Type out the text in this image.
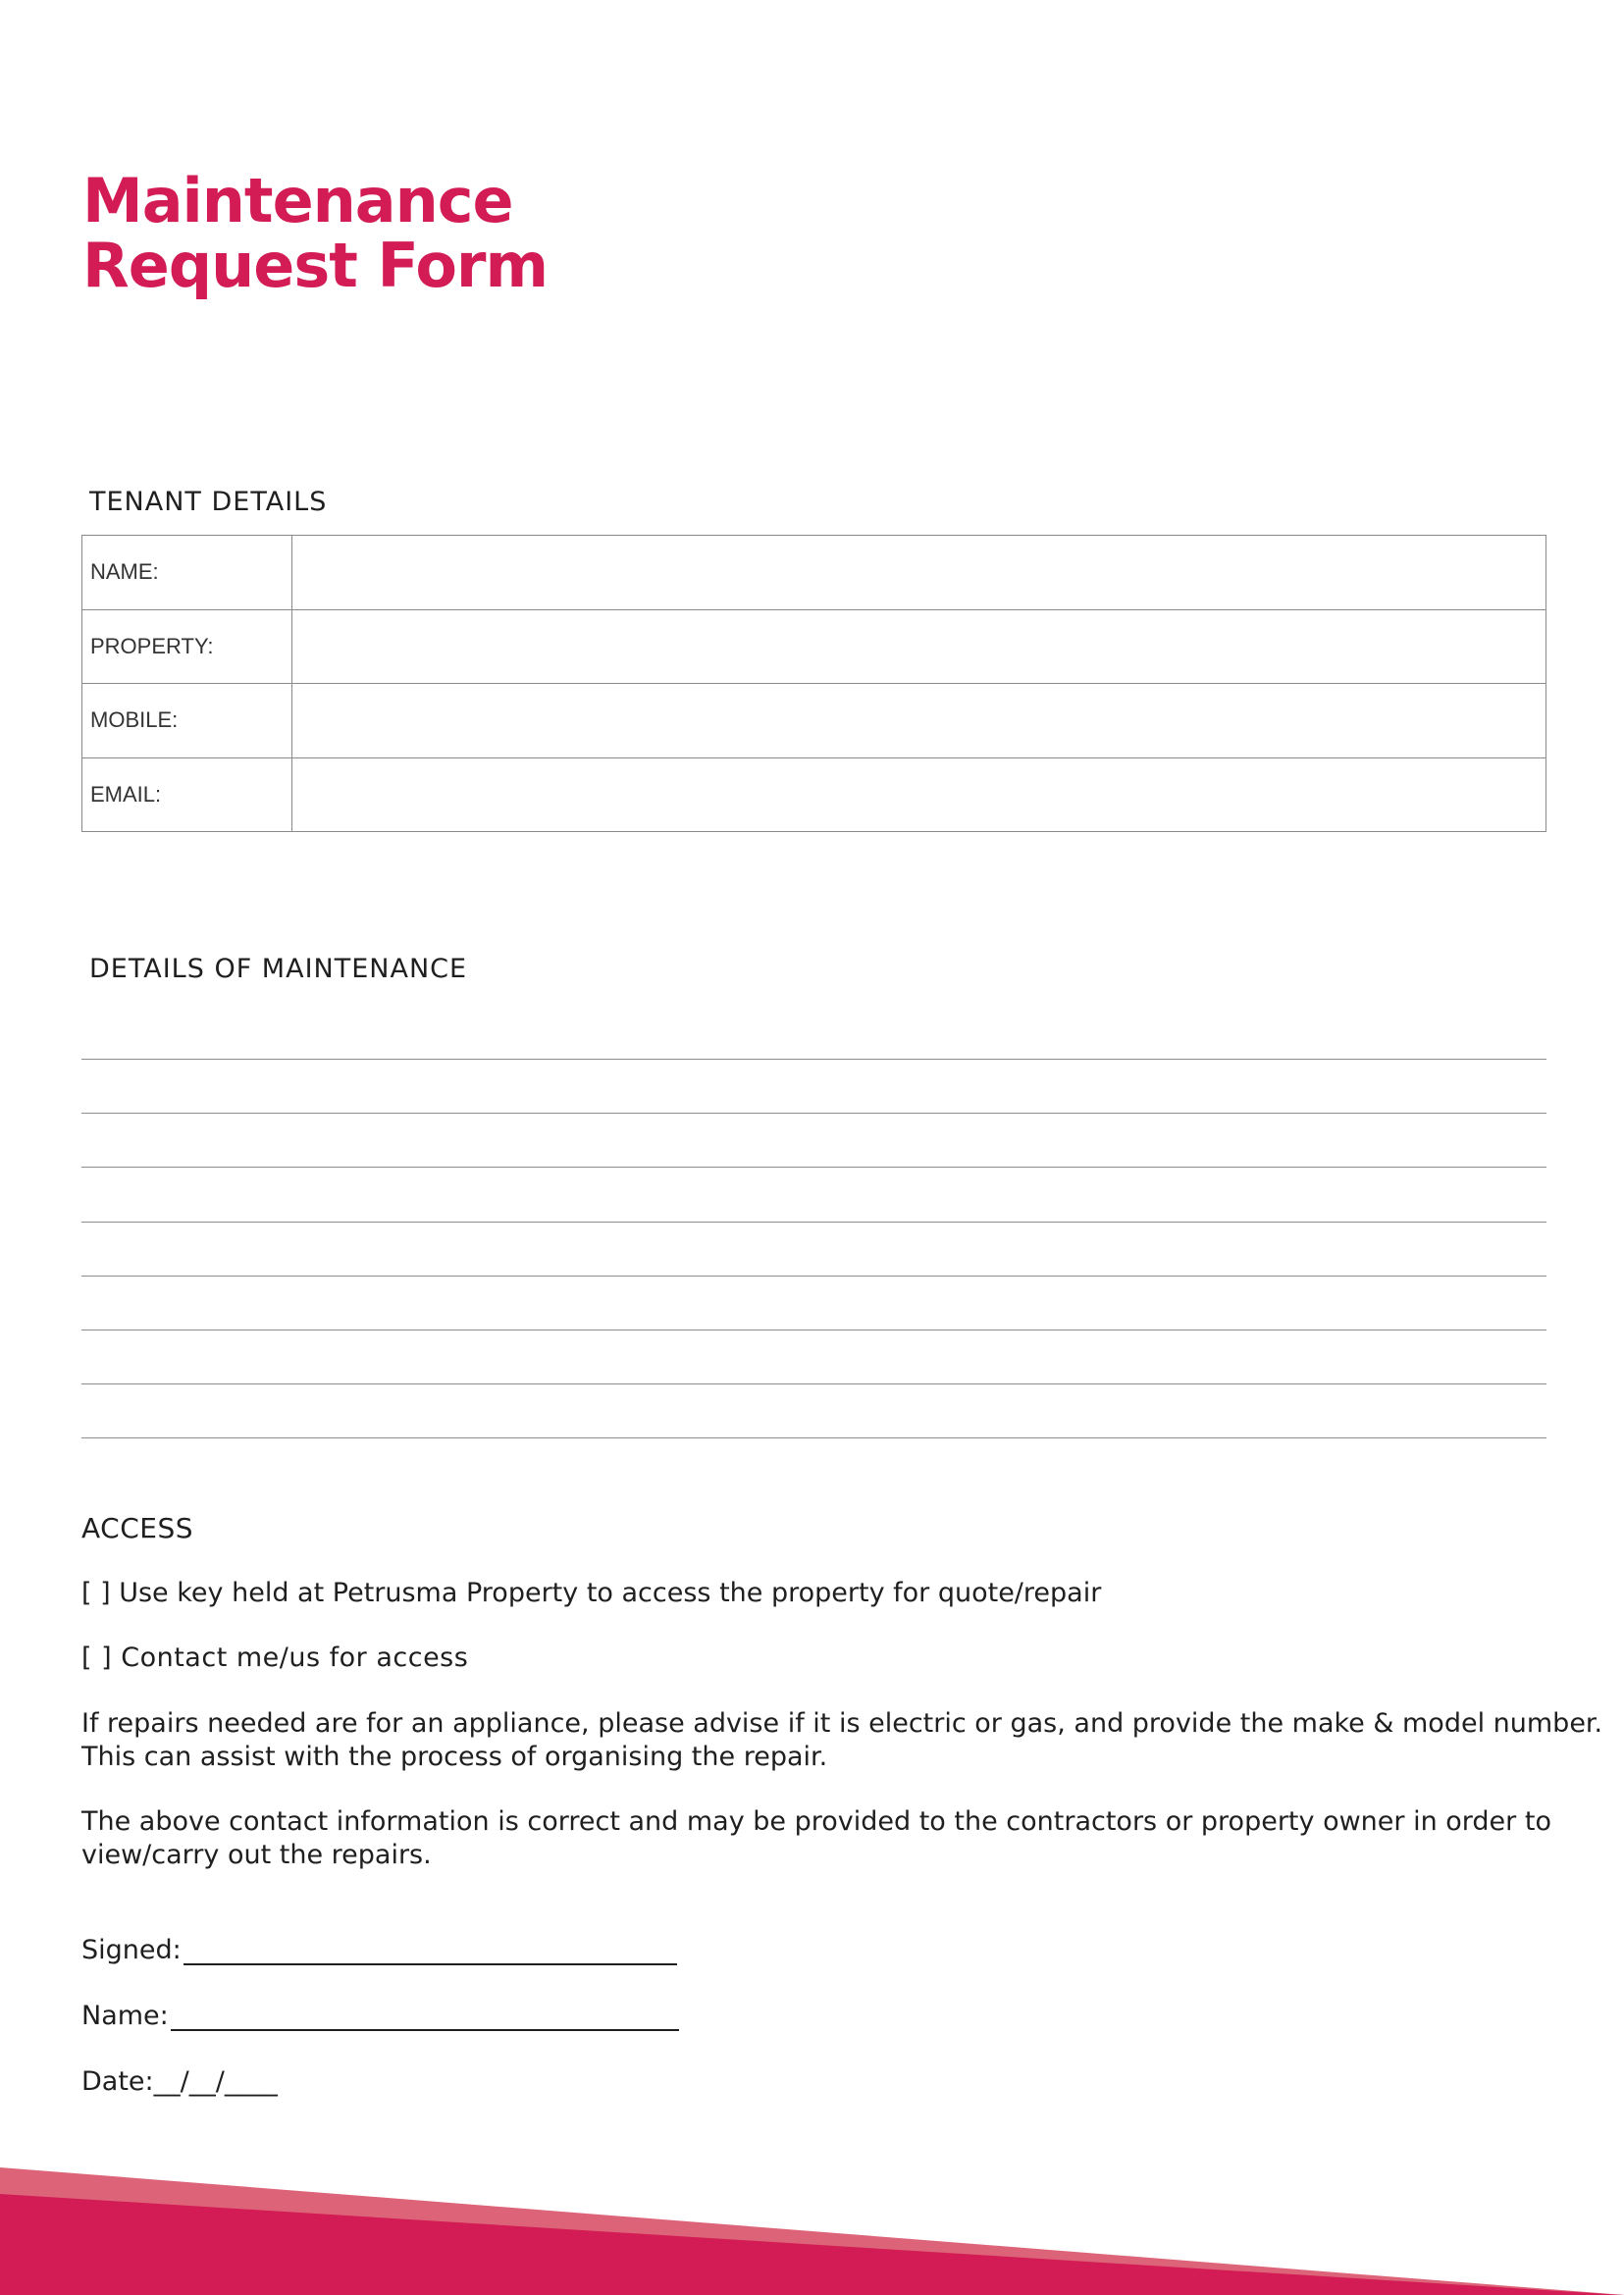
Maintenance
Request Form
TENANT DETAILS
NAME:	
PROPERTY:	
MOBILE:	
EMAIL:	
DETAILS OF MAINTENANCE
ACCESS

[ ] Use key held at Petrusma Property to access the property for quote/repair

[ ] Contact me/us for access

If repairs needed are for an appliance, please advise if it is electric or gas, and provide the make & model number. This can assist with the process of organising the repair.

The above contact information is correct and may be provided to the contractors or property owner in order to view/carry out the repairs.

Signed:
Name:
Date:__/__/____
